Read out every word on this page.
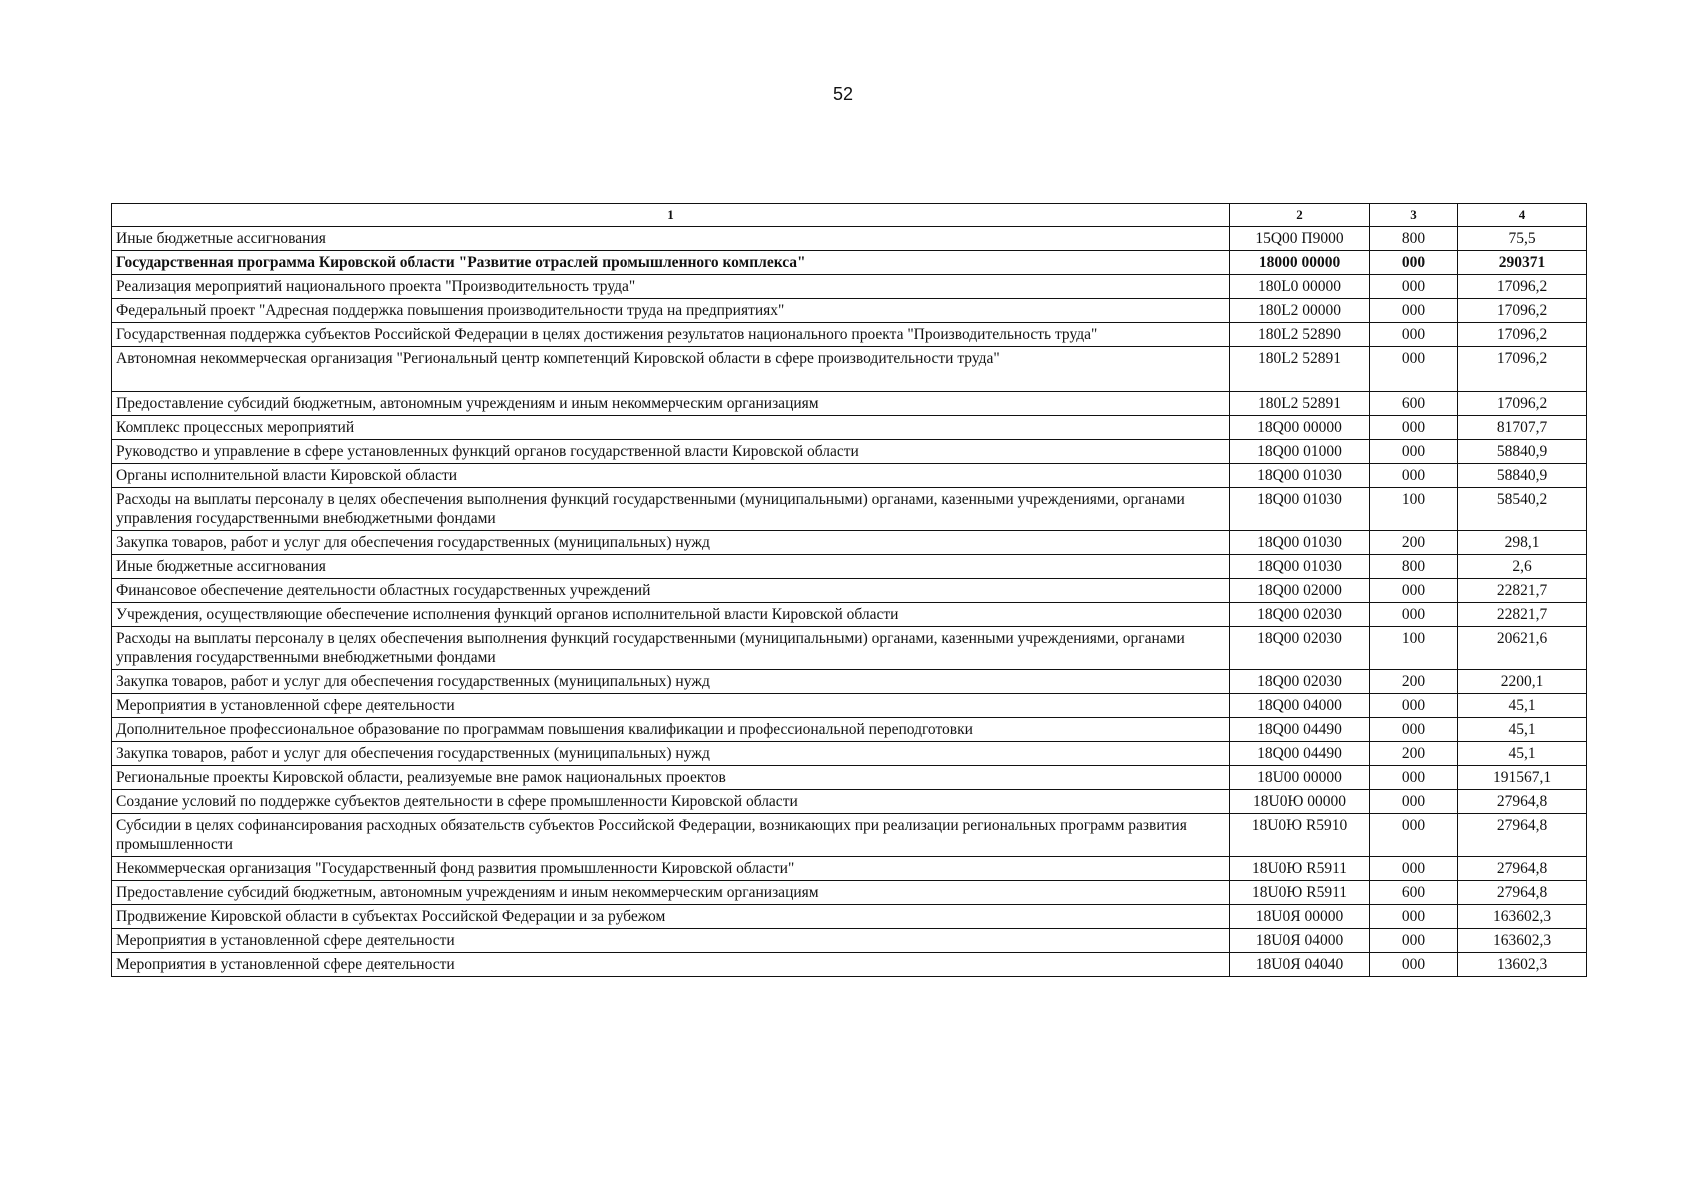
52
1	2	3	4
Иные бюджетные ассигнования	15Q00 П9000	800	75,5
Государственная программа Кировской области "Развитие отраслей промышленного комплекса"	18000 00000	000	290371
Реализация мероприятий национального проекта "Производительность труда"	180L0 00000	000	17096,2
Федеральный проект "Адресная поддержка повышения производительности труда на предприятиях"	180L2 00000	000	17096,2
Государственная поддержка субъектов Российской Федерации в целях достижения результатов национального проекта "Производительность труда"	180L2 52890	000	17096,2
Автономная некоммерческая организация "Региональный центр компетенций Кировской области в сфере производительности труда"	180L2 52891	000	17096,2
Предоставление субсидий бюджетным, автономным учреждениям и иным некоммерческим организациям	180L2 52891	600	17096,2
Комплекс процессных мероприятий	18Q00 00000	000	81707,7
Руководство и управление в сфере установленных функций органов государственной власти Кировской области	18Q00 01000	000	58840,9
Органы исполнительной власти Кировской области	18Q00 01030	000	58840,9
Расходы на выплаты персоналу в целях обеспечения выполнения функций государственными (муниципальными) органами, казенными учреждениями, органами управления государственными внебюджетными фондами	18Q00 01030	100	58540,2
Закупка товаров, работ и услуг для обеспечения государственных (муниципальных) нужд	18Q00 01030	200	298,1
Иные бюджетные ассигнования	18Q00 01030	800	2,6
Финансовое обеспечение деятельности областных государственных учреждений	18Q00 02000	000	22821,7
Учреждения, осуществляющие обеспечение исполнения функций органов исполнительной власти Кировской области	18Q00 02030	000	22821,7
Расходы на выплаты персоналу в целях обеспечения выполнения функций государственными (муниципальными) органами, казенными учреждениями, органами управления государственными внебюджетными фондами	18Q00 02030	100	20621,6
Закупка товаров, работ и услуг для обеспечения государственных (муниципальных) нужд	18Q00 02030	200	2200,1
Мероприятия в установленной сфере деятельности	18Q00 04000	000	45,1
Дополнительное профессиональное образование по программам повышения квалификации и профессиональной переподготовки	18Q00 04490	000	45,1
Закупка товаров, работ и услуг для обеспечения государственных (муниципальных) нужд	18Q00 04490	200	45,1
Региональные проекты Кировской области, реализуемые вне рамок национальных проектов	18U00 00000	000	191567,1
Создание условий по поддержке субъектов деятельности в сфере промышленности Кировской области	18U0Ю 00000	000	27964,8
Субсидии в целях софинансирования расходных обязательств субъектов Российской Федерации, возникающих при реализации региональных программ развития промышленности	18U0Ю R5910	000	27964,8
Некоммерческая организация "Государственный фонд развития промышленности Кировской области"	18U0Ю R5911	000	27964,8
Предоставление субсидий бюджетным, автономным учреждениям и иным некоммерческим организациям	18U0Ю R5911	600	27964,8
Продвижение Кировской области в субъектах Российской Федерации и за рубежом	18U0Я 00000	000	163602,3
Мероприятия в установленной сфере деятельности	18U0Я 04000	000	163602,3
Мероприятия в установленной сфере деятельности	18U0Я 04040	000	13602,3
